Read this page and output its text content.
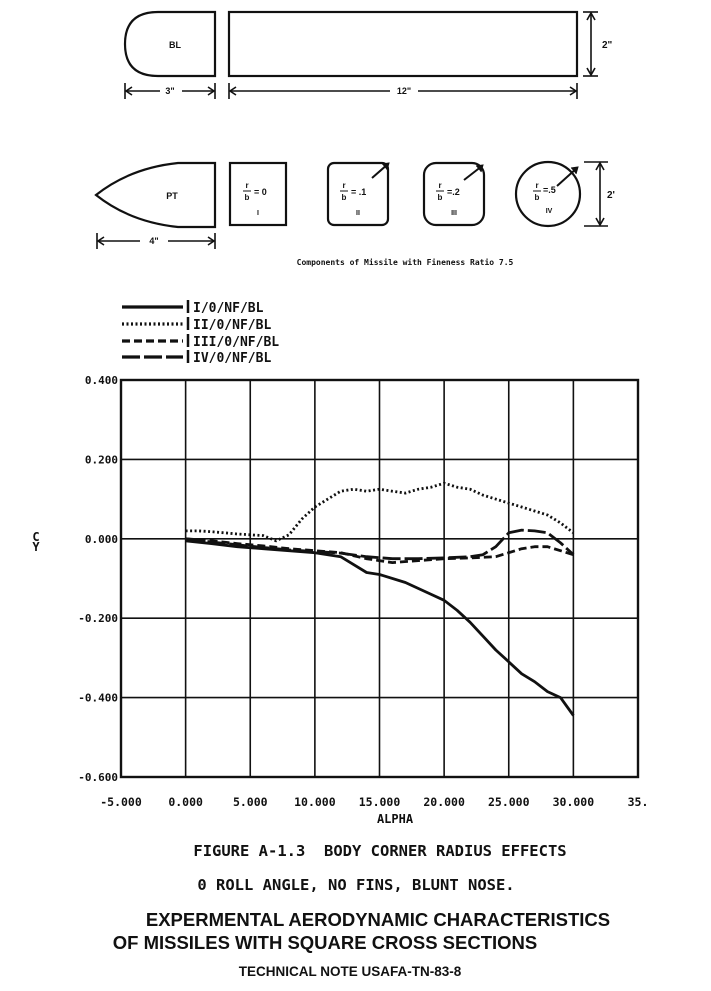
BL	2"
3"	12"
PT
4"
r
b
= 0
I
r
b
= .1
II
r
b
=.2
III
r
b
=.5
IV
2'
Components of Missile with Fineness Ratio 7.5
I/0/NF/BL
II/0/NF/BL
III/0/NF/BL
IV/0/NF/BL
0.400
0.200
0.000
-0.200
-0.400
-0.600
-5.000 0.000	5.000 10.000 15.000 20.000 25.000 30.000	35.
ALPHA
C Y
FIGURE A-1.3  BODY CORNER RADIUS EFFECTS
0 ROLL ANGLE, NO FINS, BLUNT NOSE.
EXPERMENTAL AERODYNAMIC CHARACTERISTICS
OF MISSILES WITH SQUARE CROSS SECTIONS
TECHNICAL NOTE USAFA-TN-83-8
